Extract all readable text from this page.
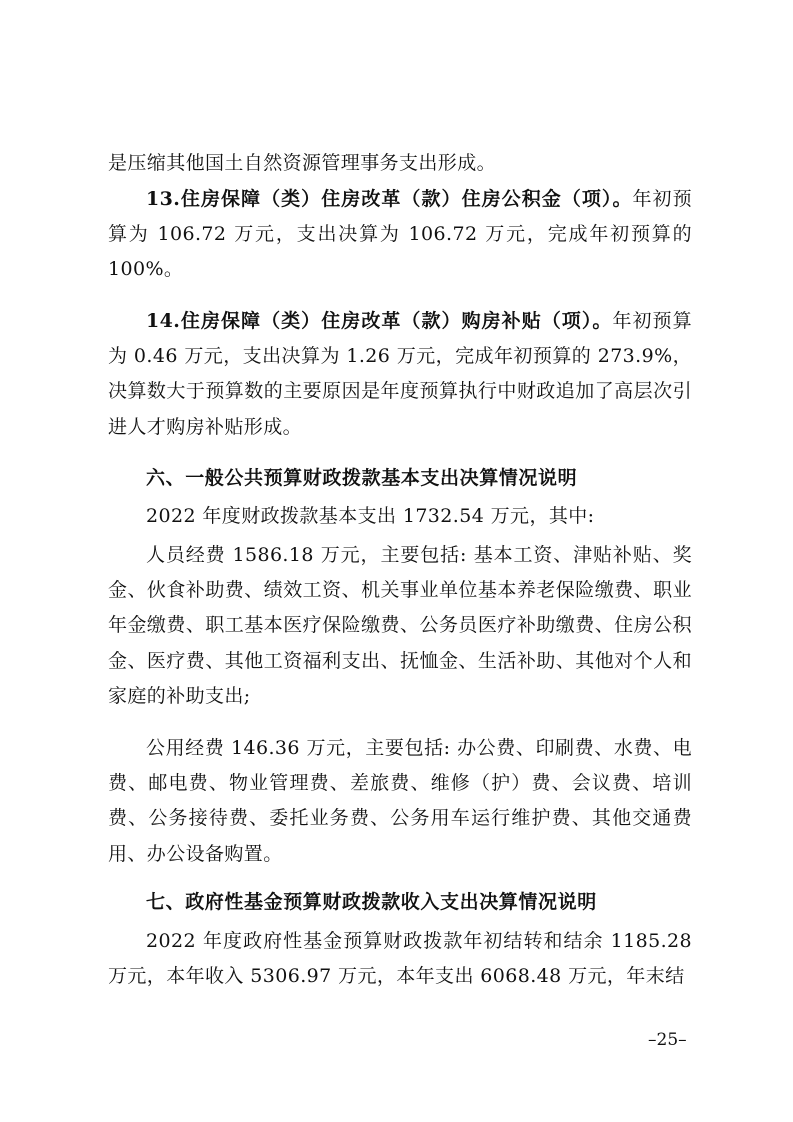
是压缩其他国土自然资源管理事务支出形成。

13.住房保障（类）住房改革（款）住房公积金（项）。年初预算为 106.72 万元，支出决算为 106.72 万元，完成年初预算的 100%。

14.住房保障（类）住房改革（款）购房补贴（项）。年初预算为 0.46 万元，支出决算为 1.26 万元，完成年初预算的 273.9%，决算数大于预算数的主要原因是年度预算执行中财政追加了高层次引进人才购房补贴形成。

六、一般公共预算财政拨款基本支出决算情况说明

2022 年度财政拨款基本支出 1732.54 万元，其中:

人员经费 1586.18 万元，主要包括: 基本工资、津贴补贴、奖金、伙食补助费、绩效工资、机关事业单位基本养老保险缴费、职业年金缴费、职工基本医疗保险缴费、公务员医疗补助缴费、住房公积金、医疗费、其他工资福利支出、抚恤金、生活补助、其他对个人和家庭的补助支出;

公用经费 146.36 万元，主要包括: 办公费、印刷费、水费、电费、邮电费、物业管理费、差旅费、维修（护）费、会议费、培训费、公务接待费、委托业务费、公务用车运行维护费、其他交通费用、办公设备购置。

七、政府性基金预算财政拨款收入支出决算情况说明

2022 年度政府性基金预算财政拨款年初结转和结余 1185.28 万元，本年收入 5306.97 万元，本年支出 6068.48 万元，年末结

–25–
